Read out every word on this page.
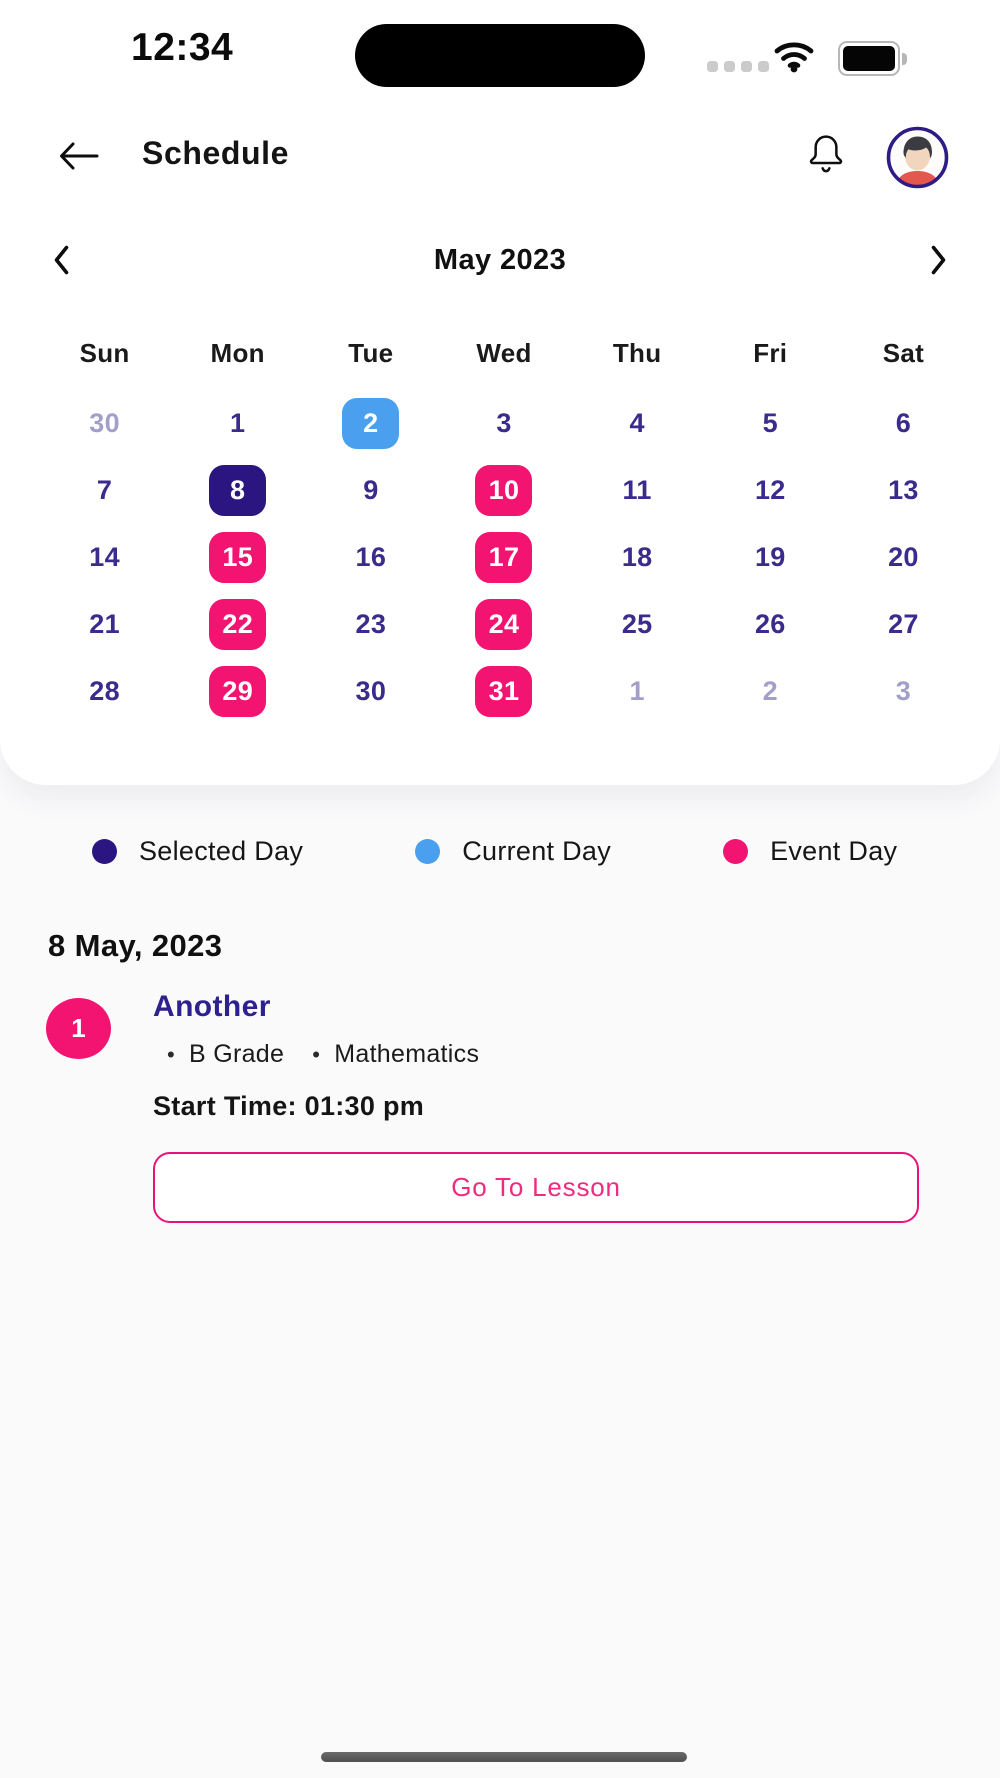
12:34
Schedule
May 2023
Sun	Mon	Tue	Wed	Thu	Fri	Sat
30	1	2	3	4	5	6
7	8	9	10	11	12	13
14	15	16	17	18	19	20
21	22	23	24	25	26	27
28	29	30	31	1	2	3
Selected Day	Current Day	Event Day
8 May, 2023
1
Another
• B Grade • Mathematics
Start Time: 01:30 pm
Go To Lesson
